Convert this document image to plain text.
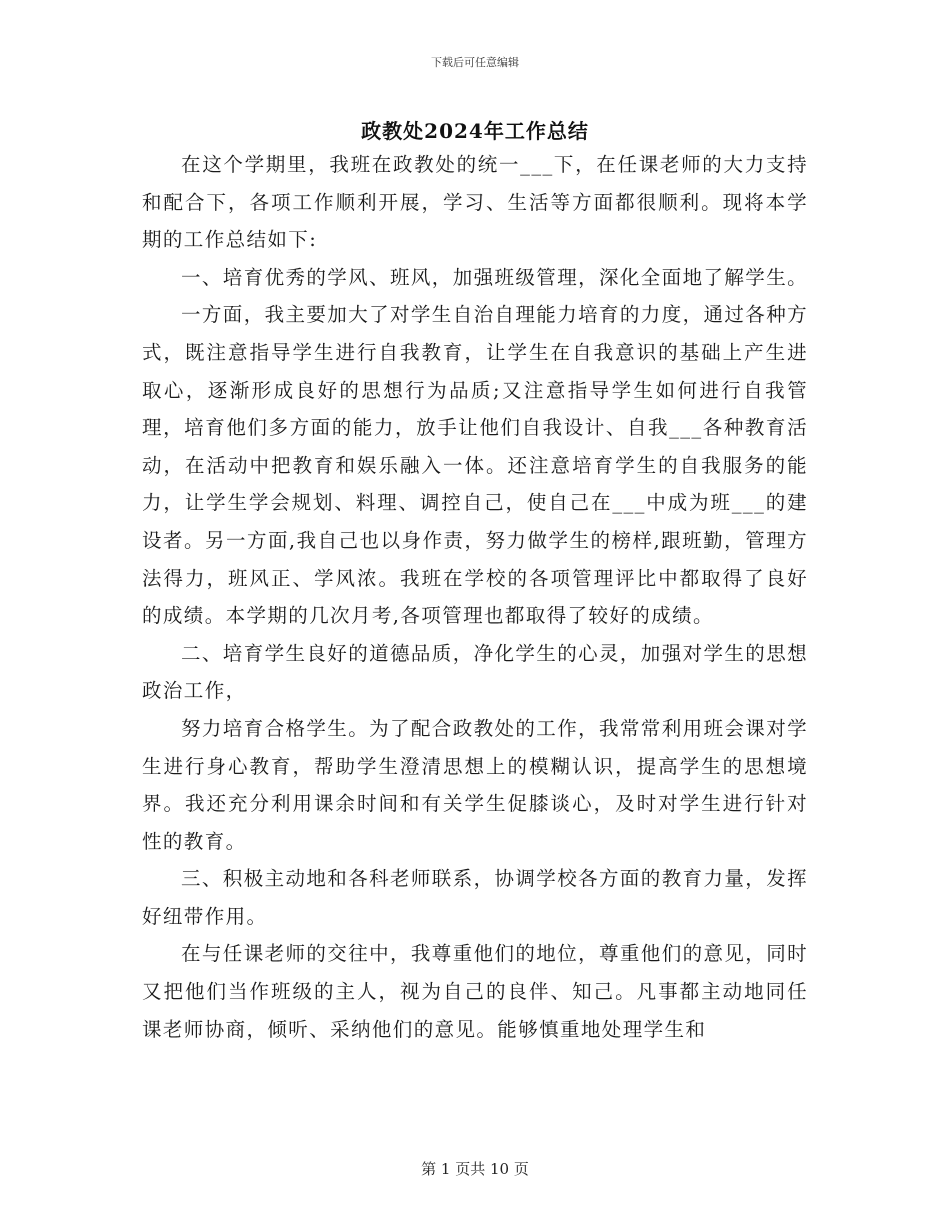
下载后可任意编辑
政教处2024年工作总结

在这个学期里，我班在政教处的统一___下，在任课老师的大力支持和配合下，各项工作顺利开展，学习、生活等方面都很顺利。现将本学期的工作总结如下:

一、培育优秀的学风、班风，加强班级管理，深化全面地了解学生。

一方面，我主要加大了对学生自治自理能力培育的力度，通过各种方式，既注意指导学生进行自我教育，让学生在自我意识的基础上产生进取心，逐渐形成良好的思想行为品质;又注意指导学生如何进行自我管理，培育他们多方面的能力，放手让他们自我设计、自我___各种教育活动，在活动中把教育和娱乐融入一体。还注意培育学生的自我服务的能力，让学生学会规划、料理、调控自己，使自己在___中成为班___的建设者。另一方面,我自己也以身作责，努力做学生的榜样,跟班勤，管理方法得力，班风正、学风浓。我班在学校的各项管理评比中都取得了良好的成绩。本学期的几次月考,各项管理也都取得了较好的成绩。

二、培育学生良好的道德品质，净化学生的心灵，加强对学生的思想政治工作，

努力培育合格学生。为了配合政教处的工作，我常常利用班会课对学生进行身心教育，帮助学生澄清思想上的模糊认识，提高学生的思想境界。我还充分利用课余时间和有关学生促膝谈心，及时对学生进行针对性的教育。

三、积极主动地和各科老师联系，协调学校各方面的教育力量，发挥好纽带作用。

在与任课老师的交往中，我尊重他们的地位，尊重他们的意见，同时又把他们当作班级的主人，视为自己的良伴、知己。凡事都主动地同任课老师协商，倾听、采纳他们的意见。能够慎重地处理学生和

第 1 页共 10 页
